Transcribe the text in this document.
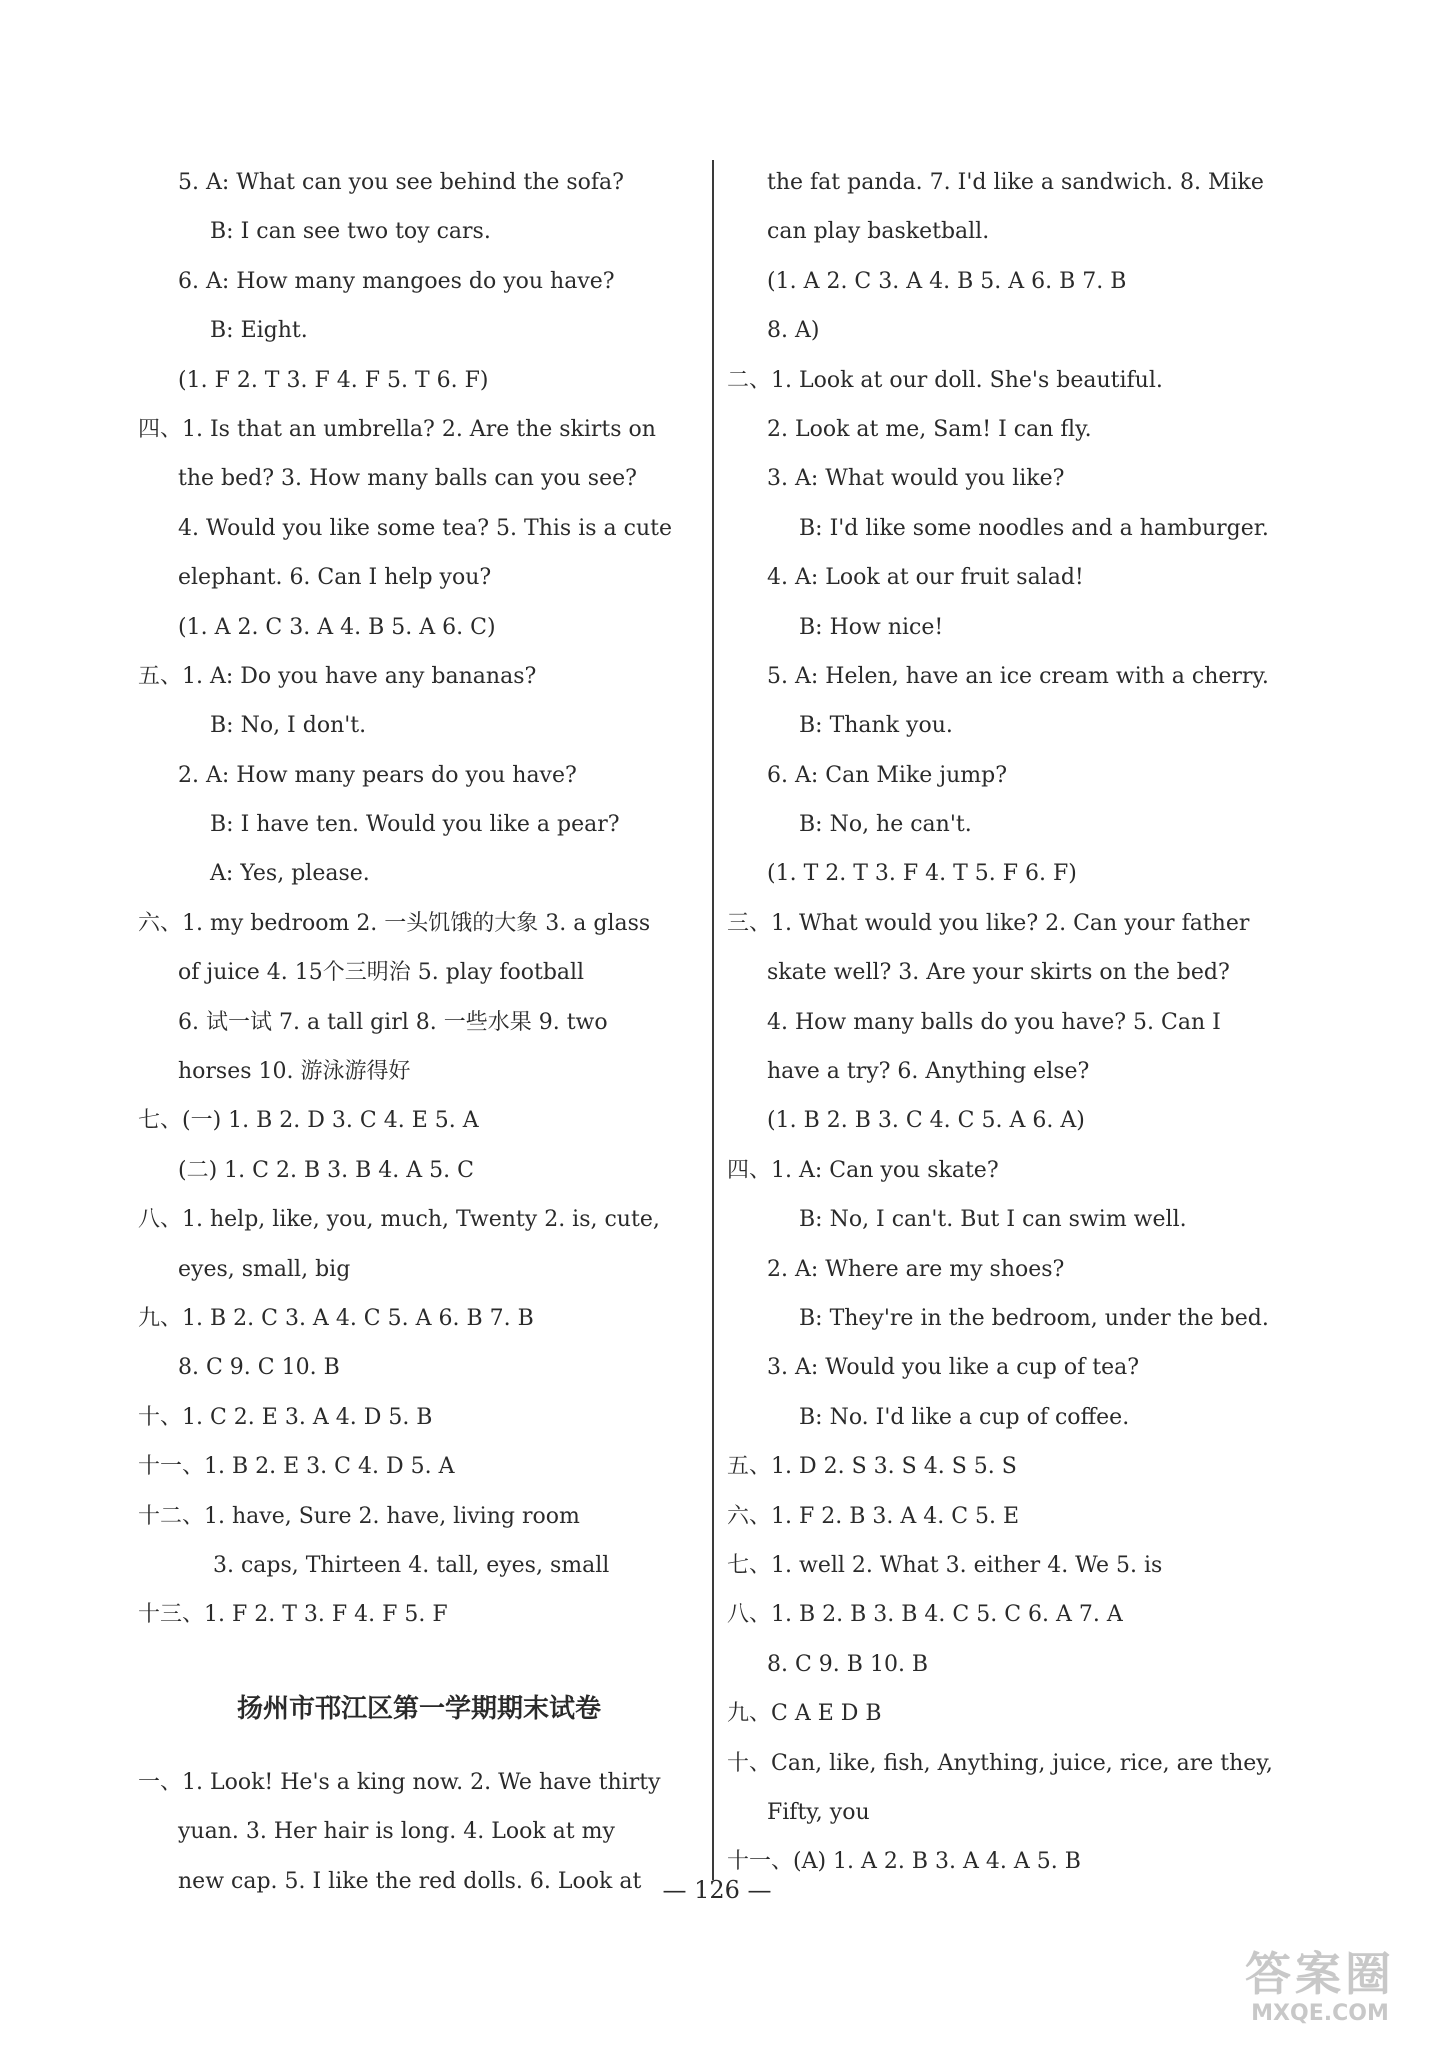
5. A: What can you see behind the sofa?
B: I can see two toy cars.
6. A: How many mangoes do you have?
B: Eight.
(1. F 2. T 3. F 4. F 5. T 6. F)
四、1. Is that an umbrella? 2. Are the skirts on
the bed? 3. How many balls can you see?
4. Would you like some tea? 5. This is a cute
elephant. 6. Can I help you?
(1. A 2. C 3. A 4. B 5. A 6. C)
五、1. A: Do you have any bananas?
B: No, I don't.
2. A: How many pears do you have?
B: I have ten. Would you like a pear?
A: Yes, please.
六、1. my bedroom 2. 一头饥饿的大象 3. a glass
of juice 4. 15个三明治 5. play football
6. 试一试 7. a tall girl 8. 一些水果 9. two
horses 10. 游泳游得好
七、(一) 1. B 2. D 3. C 4. E 5. A
(二) 1. C 2. B 3. B 4. A 5. C
八、1. help, like, you, much, Twenty 2. is, cute,
eyes, small, big
九、1. B 2. C 3. A 4. C 5. A 6. B 7. B
8. C 9. C 10. B
十、1. C 2. E 3. A 4. D 5. B
十一、1. B 2. E 3. C 4. D 5. A
十二、1. have, Sure 2. have, living room
3. caps, Thirteen 4. tall, eyes, small
十三、1. F 2. T 3. F 4. F 5. F
扬州市邗江区第一学期期末试卷
一、1. Look! He's a king now. 2. We have thirty
yuan. 3. Her hair is long. 4. Look at my
new cap. 5. I like the red dolls. 6. Look at
the fat panda. 7. I'd like a sandwich. 8. Mike
can play basketball.
(1. A 2. C 3. A 4. B 5. A 6. B 7. B
8. A)
二、1. Look at our doll. She's beautiful.
2. Look at me, Sam! I can fly.
3. A: What would you like?
B: I'd like some noodles and a hamburger.
4. A: Look at our fruit salad!
B: How nice!
5. A: Helen, have an ice cream with a cherry.
B: Thank you.
6. A: Can Mike jump?
B: No, he can't.
(1. T 2. T 3. F 4. T 5. F 6. F)
三、1. What would you like? 2. Can your father
skate well? 3. Are your skirts on the bed?
4. How many balls do you have? 5. Can I
have a try? 6. Anything else?
(1. B 2. B 3. C 4. C 5. A 6. A)
四、1. A: Can you skate?
B: No, I can't. But I can swim well.
2. A: Where are my shoes?
B: They're in the bedroom, under the bed.
3. A: Would you like a cup of tea?
B: No. I'd like a cup of coffee.
五、1. D 2. S 3. S 4. S 5. S
六、1. F 2. B 3. A 4. C 5. E
七、1. well 2. What 3. either 4. We 5. is
八、1. B 2. B 3. B 4. C 5. C 6. A 7. A
8. C 9. B 10. B
九、C A E D B
十、Can, like, fish, Anything, juice, rice, are they,
Fifty, you
十一、(A) 1. A 2. B 3. A 4. A 5. B
— 126 —
答案圈
MXQE.COM
